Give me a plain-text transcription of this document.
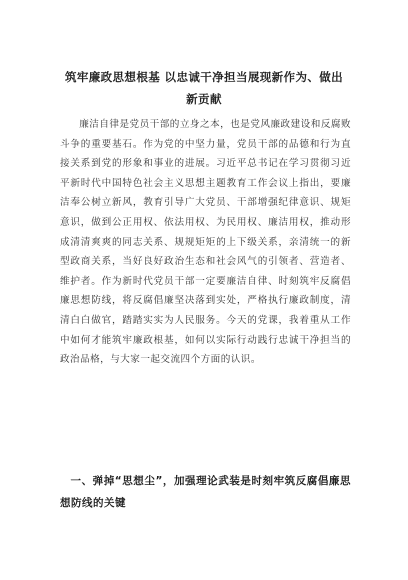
筑牢廉政思想根基 以忠诚干净担当展现新作为、做出新贡献

廉洁自律是党员干部的立身之本，也是党风廉政建设和反腐败斗争的重要基石。作为党的中坚力量，党员干部的品德和行为直接关系到党的形象和事业的进展。习近平总书记在学习贯彻习近平新时代中国特色社会主义思想主题教育工作会议上指出，要廉洁奉公树立新风，教育引导广大党员、干部增强纪律意识、规矩意识，做到公正用权、依法用权、为民用权、廉洁用权，推动形成清清爽爽的同志关系、规规矩矩的上下级关系，亲清统一的新型政商关系，当好良好政治生态和社会风气的引领者、营造者、维护者。作为新时代党员干部一定要廉洁自律、时刻筑牢反腐倡廉思想防线，将反腐倡廉坚决落到实处，严格执行廉政制度，清清白白做官，踏踏实实为人民服务。今天的党课，我着重从工作中如何才能筑牢廉政根基，如何以实际行动践行忠诚干净担当的政治品格，与大家一起交流四个方面的认识。

一、弹掉“思想尘”，加强理论武装是时刻牢筑反腐倡廉思想防线的关键
